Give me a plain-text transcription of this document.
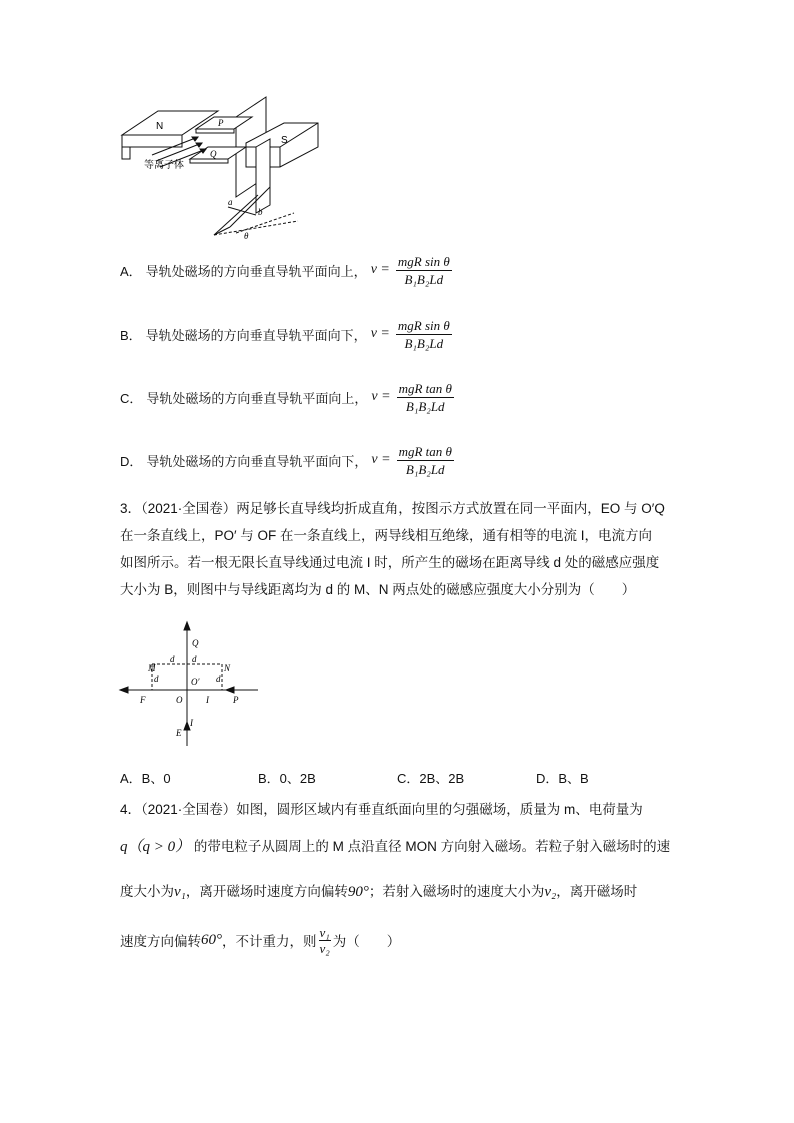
N
S
P
Q
等离子体
a
b
θ
A． 导轨处磁场的方向垂直导轨平面向上， $v = \frac{\text{mgR sin θ}}{\text{B₁B₂Ld}}$
B． 导轨处磁场的方向垂直导轨平面向下， $v = \frac{\text{mgR sin θ}}{\text{B₁B₂Ld}}$
C． 导轨处磁场的方向垂直导轨平面向上， $v = \frac{\text{mgR tan θ}}{\text{B₁B₂Ld}}$
D． 导轨处磁场的方向垂直导轨平面向下， $v = \frac{\text{mgR tan θ}}{\text{B₁B₂Ld}}$
3．（2021·全国卷）两足够长直导线均折成直角，按图示方式放置在同一平面内，EO 与 O′Q
在一条直线上，PO′ 与 OF 在一条直线上，两导线相互绝缘，通有相等的电流 I，电流方向
如图所示。若一根无限长直导线通过电流 I 时，所产生的磁场在距离导线 d 处的磁感应强度
大小为 B，则图中与导线距离均为 d 的 M、N 两点处的磁感应强度大小分别为（　　）
Q
M	N
d d
d	d
O′
O
F	P
I
I
E
A．B、0	B．0、2B	C．2B、2B	D．B、B
4．（2021·全国卷）如图，圆形区域内有垂直纸面向里的匀强磁场，质量为 m、电荷量为
q（q > 0） 的带电粒子从圆周上的 M 点沿直径 MON 方向射入磁场。若粒子射入磁场时的速
度大小为v₁，离开磁场时速度方向偏转90°；若射入磁场时的速度大小为v₂，离开磁场时
速度方向偏转 60° ，不计重力，则
v₁
v₂ 为（　　）
